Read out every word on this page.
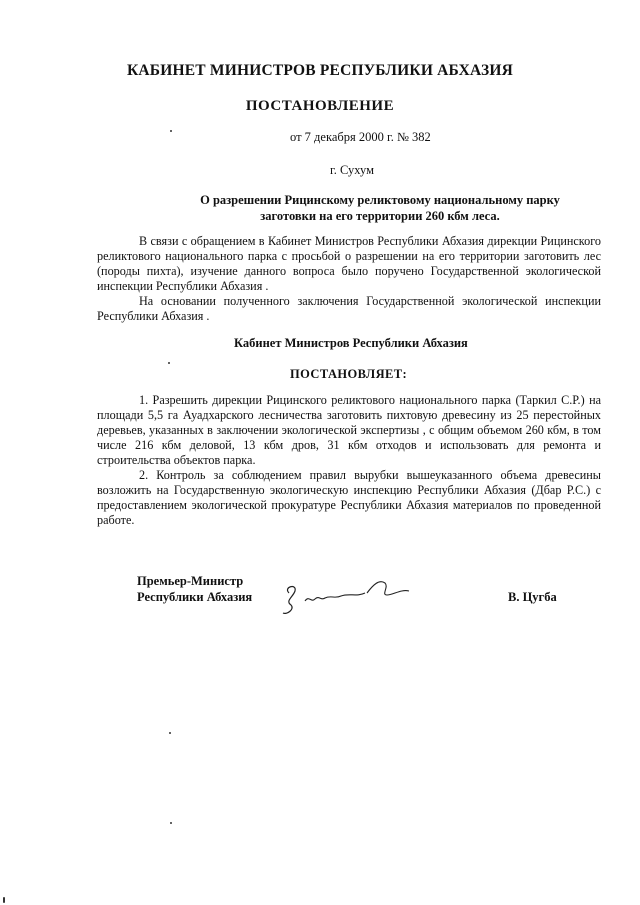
КАБИНЕТ МИНИСТРОВ РЕСПУБЛИКИ АБХАЗИЯ
ПОСТАНОВЛЕНИЕ
от 7 декабря 2000 г. № 382
г. Сухум
О разрешении Рицинскому реликтовому национальному парку
заготовки на его территории 260 кбм леса.

В связи с обращением в Кабинет Министров Республики Абхазия дирекции Рицинского реликтового национального парка с просьбой о разрешении на его территории заготовить лес (породы пихта), изучение данного вопроса было поручено Государственной экологической инспекции Республики Абхазия .

На основании полученного заключения Государственной экологической инспекции Республики Абхазия .

Кабинет Министров Республики Абхазия
ПОСТАНОВЛЯЕТ:

1. Разрешить дирекции Рицинского реликтового национального парка (Таркил С.Р.) на площади 5,5 га Ауадхарского лесничества заготовить пихтовую древесину из 25 перестойных деревьев, указанных в заключении экологической экспертизы , с общим объемом 260 кбм, в том числе 216 кбм деловой, 13 кбм дров, 31 кбм отходов и использовать для ремонта и строительства объектов парка.

2. Контроль за соблюдением правил вырубки вышеуказанного объема древесины возложить на Государственную экологическую инспекцию Республики Абхазия (Дбар Р.С.) с предоставлением экологической прокуратуре Республики Абхазия материалов по проведенной работе.

Премьер-Министр
Республики Абхазия	В. Цугба
